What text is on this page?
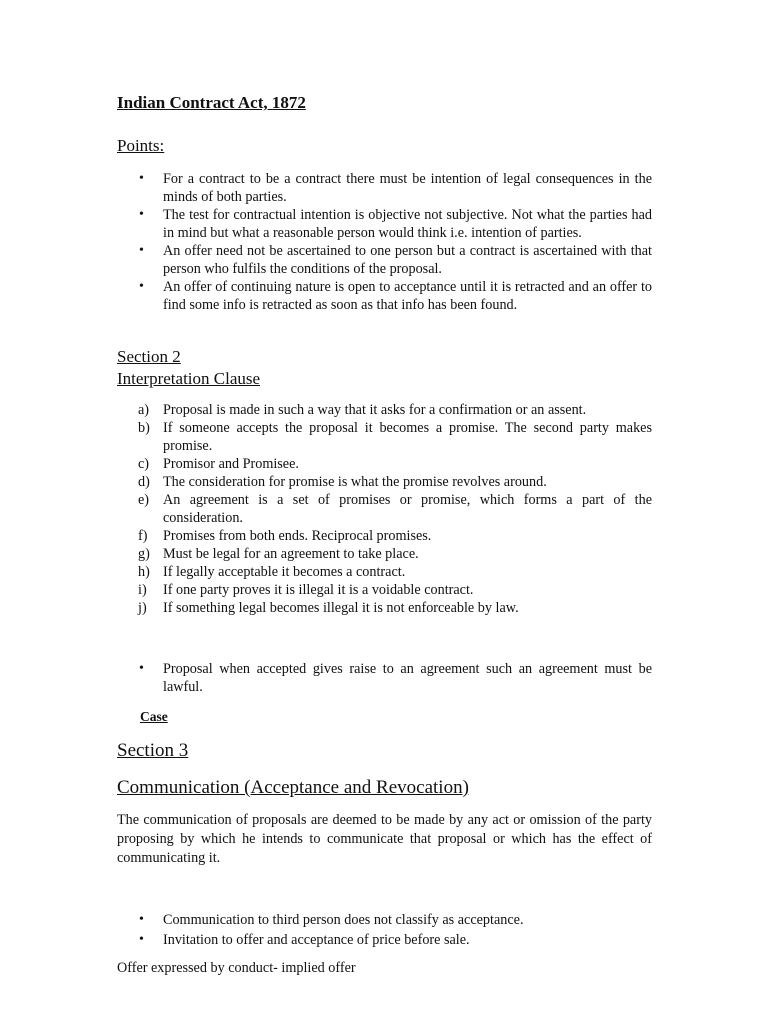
Indian Contract Act, 1872
Points:
• For a contract to be a contract there must be intention of legal consequences in the minds of both parties.
• The test for contractual intention is objective not subjective. Not what the parties had in mind but what a reasonable person would think i.e. intention of parties.
• An offer need not be ascertained to one person but a contract is ascertained with that person who fulfils the conditions of the proposal.
• An offer of continuing nature is open to acceptance until it is retracted and an offer to find some info is retracted as soon as that info has been found.
Section 2
Interpretation Clause
a) Proposal is made in such a way that it asks for a confirmation or an assent.
b) If someone accepts the proposal it becomes a promise. The second party makes promise.
c) Promisor and Promisee.
d) The consideration for promise is what the promise revolves around.
e) An agreement is a set of promises or promise, which forms a part of the consideration.
f) Promises from both ends. Reciprocal promises.
g) Must be legal for an agreement to take place.
h) If legally acceptable it becomes a contract.
i) If one party proves it is illegal it is a voidable contract.
j) If something legal becomes illegal it is not enforceable by law.
• Proposal when accepted gives raise to an agreement such an agreement must be lawful.
Case
Section 3
Communication (Acceptance and Revocation)
The communication of proposals are deemed to be made by any act or omission of the party proposing by which he intends to communicate that proposal or which has the effect of communicating it.
• Communication to third person does not classify as acceptance.
• Invitation to offer and acceptance of price before sale.
Offer expressed by conduct- implied offer
